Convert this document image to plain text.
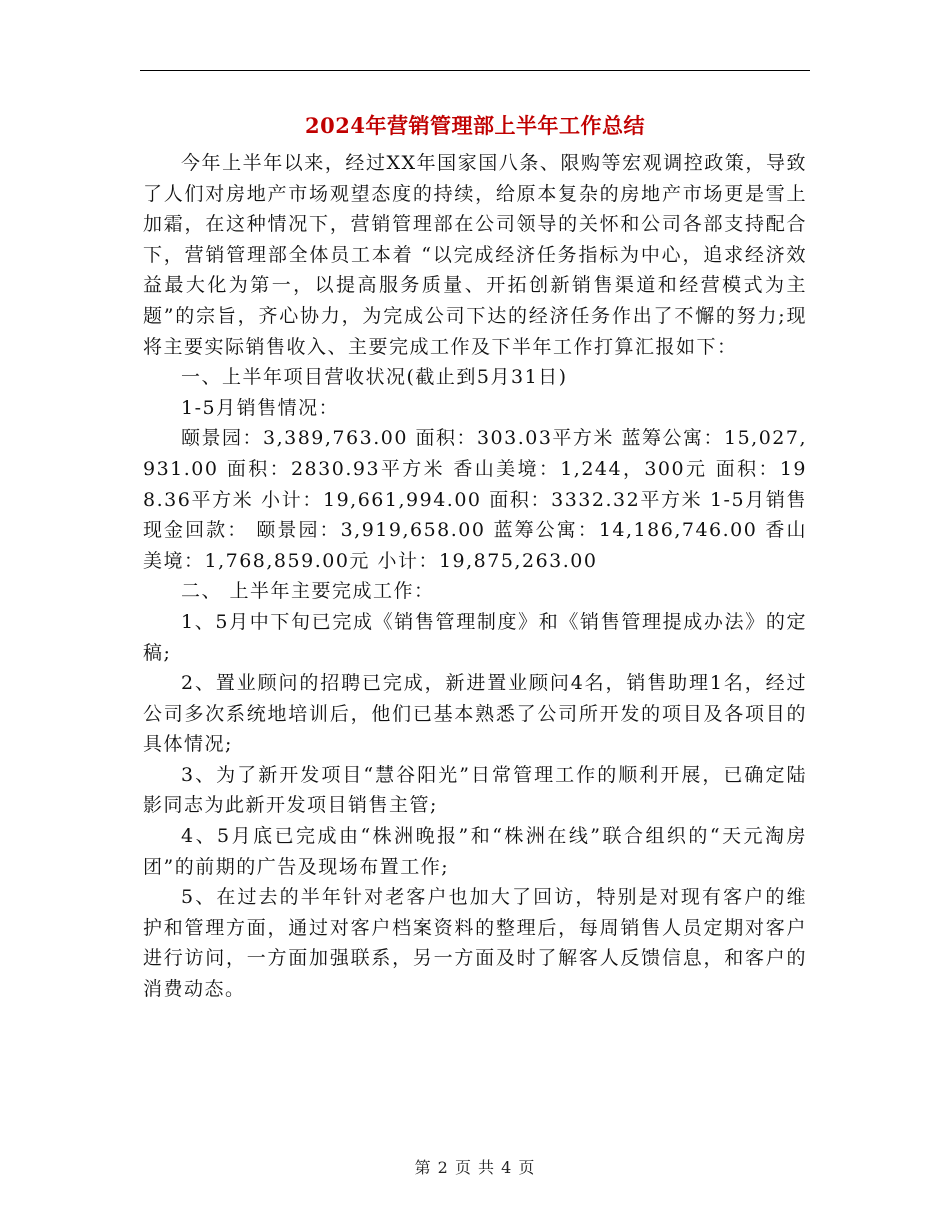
2024年营销管理部上半年工作总结

今年上半年以来，经过XX年国家国八条、限购等宏观调控政策，导致了人们对房地产市场观望态度的持续，给原本复杂的房地产市场更是雪上加霜，在这种情况下，营销管理部在公司领导的关怀和公司各部支持配合下，营销管理部全体员工本着 “以完成经济任务指标为中心，追求经济效益最大化为第一，以提高服务质量、开拓创新销售渠道和经营模式为主题”的宗旨，齐心协力，为完成公司下达的经济任务作出了不懈的努力;现将主要实际销售收入、主要完成工作及下半年工作打算汇报如下：

一、上半年项目营收状况(截止到5月31日)

1-5月销售情况：

颐景园：3,389,763.00 面积：303.03平方米 蓝筹公寓：15,027,931.00 面积：2830.93平方米 香山美境：1,244，300元 面积：198.36平方米 小计：19,661,994.00 面积：3332.32平方米 1-5月销售现金回款： 颐景园：3,919,658.00 蓝筹公寓：14,186,746.00 香山美境：1,768,859.00元 小计：19,875,263.00

二、 上半年主要完成工作：

1、5月中下旬已完成《销售管理制度》和《销售管理提成办法》的定稿;

2、置业顾问的招聘已完成，新进置业顾问4名，销售助理1名，经过公司多次系统地培训后，他们已基本熟悉了公司所开发的项目及各项目的具体情况;

3、为了新开发项目“慧谷阳光”日常管理工作的顺利开展，已确定陆影同志为此新开发项目销售主管;

4、5月底已完成由“株洲晚报”和“株洲在线”联合组织的“天元淘房团”的前期的广告及现场布置工作;

5、在过去的半年针对老客户也加大了回访，特别是对现有客户的维护和管理方面，通过对客户档案资料的整理后，每周销售人员定期对客户进行访问，一方面加强联系，另一方面及时了解客人反馈信息，和客户的消费动态。

第 2 页 共 4 页
